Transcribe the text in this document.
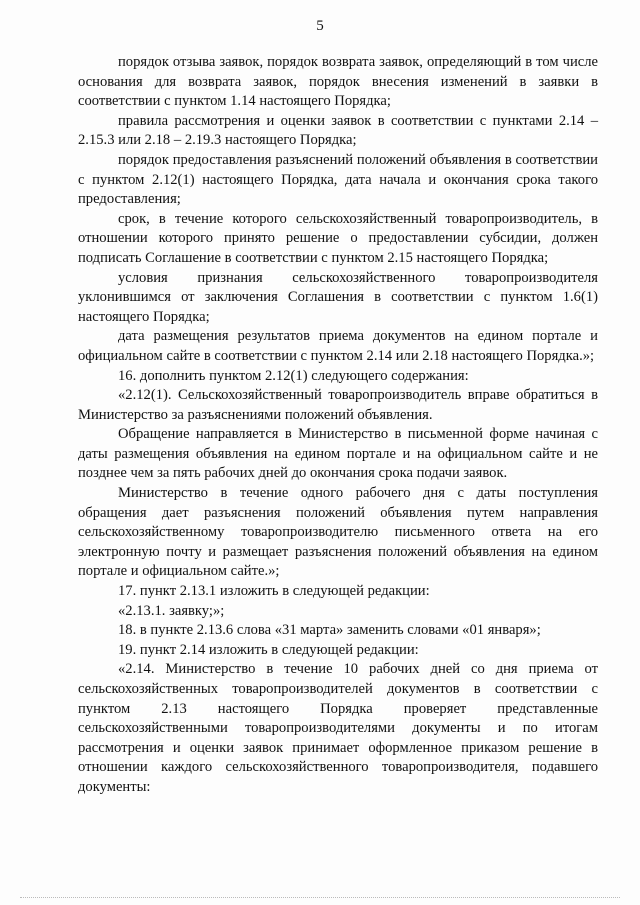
5

порядок отзыва заявок, порядок возврата заявок, определяющий в том числе основания для возврата заявок, порядок внесения изменений в заявки в соответствии с пунктом 1.14 настоящего Порядка;

правила рассмотрения и оценки заявок в соответствии с пунктами 2.14 – 2.15.3 или 2.18 – 2.19.3 настоящего Порядка;

порядок предоставления разъяснений положений объявления в соответствии с пунктом 2.12(1) настоящего Порядка, дата начала и окончания срока такого предоставления;

срок, в течение которого сельскохозяйственный товаропроизводитель, в отношении которого принято решение о предоставлении субсидии, должен подписать Соглашение в соответствии с пунктом 2.15 настоящего Порядка;

условия признания сельскохозяйственного товаропроизводителя уклонившимся от заключения Соглашения в соответствии с пунктом 1.6(1) настоящего Порядка;

дата размещения результатов приема документов на едином портале и официальном сайте в соответствии с пунктом 2.14 или 2.18 настоящего Порядка.»;

16. дополнить пунктом 2.12(1) следующего содержания:

«2.12(1). Сельскохозяйственный товаропроизводитель вправе обратиться в Министерство за разъяснениями положений объявления.

Обращение направляется в Министерство в письменной форме начиная с даты размещения объявления на едином портале и на официальном сайте и не позднее чем за пять рабочих дней до окончания срока подачи заявок.

Министерство в течение одного рабочего дня с даты поступления обращения дает разъяснения положений объявления путем направления сельскохозяйственному товаропроизводителю письменного ответа на его электронную почту и размещает разъяснения положений объявления на едином портале и официальном сайте.»;

17. пункт 2.13.1 изложить в следующей редакции:

«2.13.1. заявку;»;

18. в пункте 2.13.6 слова «31 марта» заменить словами «01 января»;

19. пункт 2.14 изложить в следующей редакции:

«2.14. Министерство в течение 10 рабочих дней со дня приема от сельскохозяйственных товаропроизводителей документов в соответствии с пунктом 2.13 настоящего Порядка проверяет представленные сельскохозяйственными товаропроизводителями документы и по итогам рассмотрения и оценки заявок принимает оформленное приказом решение в отношении каждого сельскохозяйственного товаропроизводителя, подавшего документы:
